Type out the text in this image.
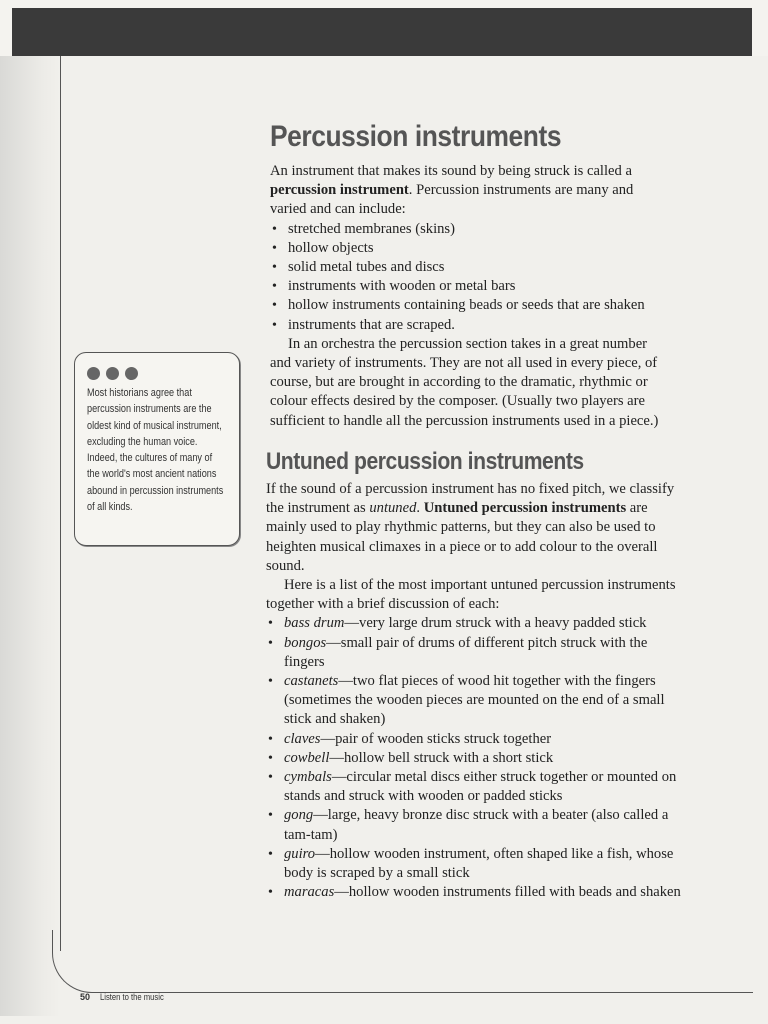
Percussion instruments

An instrument that makes its sound by being struck is called a percussion instrument. Percussion instruments are many and varied and can include:

• stretched membranes (skins)
• hollow objects
• solid metal tubes and discs
• instruments with wooden or metal bars
• hollow instruments containing beads or seeds that are shaken
• instruments that are scraped.

In an orchestra the percussion section takes in a great number and variety of instruments. They are not all used in every piece, of course, but are brought in according to the dramatic, rhythmic or colour effects desired by the composer. (Usually two players are sufficient to handle all the percussion instruments used in a piece.)

Most historians agree that percussion instruments are the oldest kind of musical instrument, excluding the human voice. Indeed, the cultures of many of the world's most ancient nations abound in percussion instruments of all kinds.

Untuned percussion instruments

If the sound of a percussion instrument has no fixed pitch, we classify the instrument as untuned. Untuned percussion instruments are mainly used to play rhythmic patterns, but they can also be used to heighten musical climaxes in a piece or to add colour to the overall sound.

Here is a list of the most important untuned percussion instruments together with a brief discussion of each:

• bass drum—very large drum struck with a heavy padded stick
• bongos—small pair of drums of different pitch struck with the fingers
• castanets—two flat pieces of wood hit together with the fingers (sometimes the wooden pieces are mounted on the end of a small stick and shaken)
• claves—pair of wooden sticks struck together
• cowbell—hollow bell struck with a short stick
• cymbals—circular metal discs either struck together or mounted on stands and struck with wooden or padded sticks
• gong—large, heavy bronze disc struck with a beater (also called a tam-tam)
• guiro—hollow wooden instrument, often shaped like a fish, whose body is scraped by a small stick
• maracas—hollow wooden instruments filled with beads and shaken
50 Listen to the music
